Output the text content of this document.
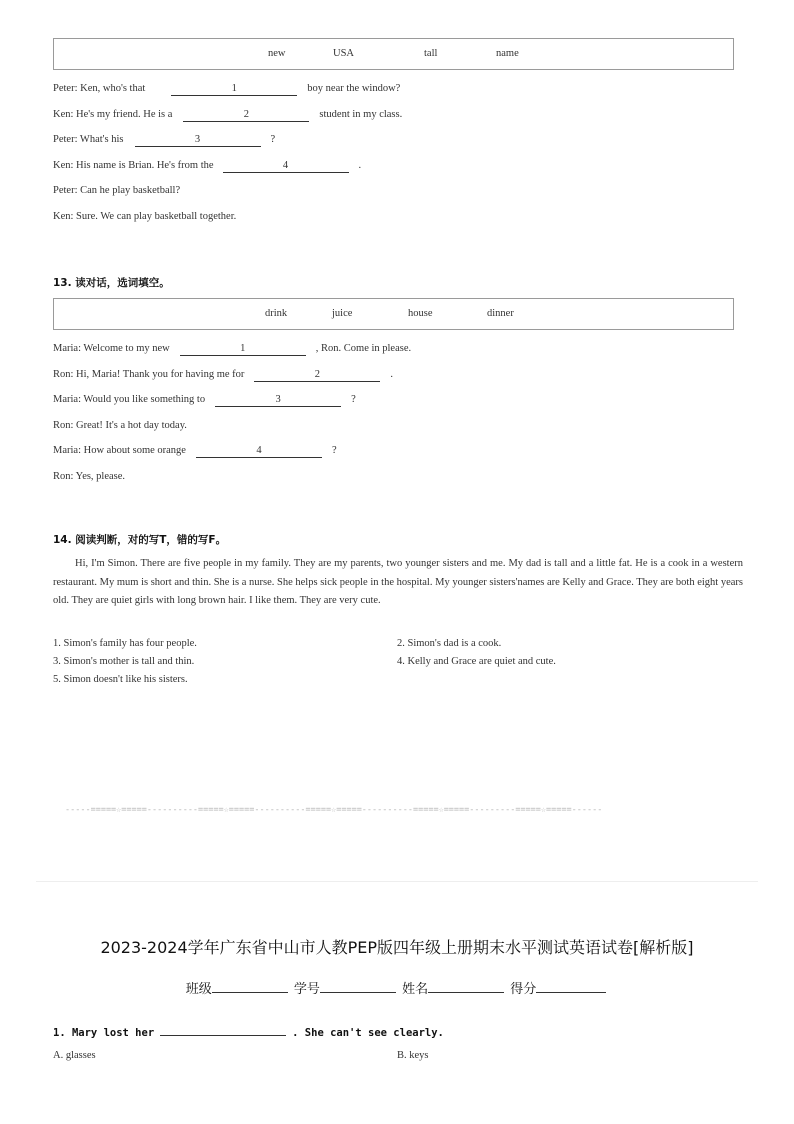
new	USA	tall	name
Peter: Ken, who's that	1	boy near the window?
Ken: He's my friend. He is a	2	student in my class.
Peter: What's his	3	?
Ken: His name is Brian. He's from the	4	.
Peter: Can he play basketball?
Ken: Sure. We can play basketball together.
13. 读对话，选词填空。
drink	juice	house	dinner
Maria: Welcome to my new	1	, Ron. Come in please.
Ron: Hi, Maria! Thank you for having me for	2	.
Maria: Would you like something to	3	?
Ron: Great! It's a hot day today.
Maria: How about some orange	4	?
Ron: Yes, please.
14. 阅读判断，对的写T，错的写F。
Hi, I'm Simon. There are five people in my family. They are my parents, two younger sisters and me. My dad is tall and a little fat. He is a cook in a western restaurant. My mum is short and thin. She is a nurse. She helps sick people in the hospital. My younger sisters'names are Kelly and Grace. They are both eight years old. They are quiet girls with long brown hair. I like them. They are very cute.
1. Simon's family has four people.	2. Simon's dad is a cook.
3. Simon's mother is tall and thin.	4. Kelly and Grace are quiet and cute.
5. Simon doesn't like his sisters.
-----=====☆=====----------=====☆=====----------=====☆=====----------=====☆=====---------=====☆=====------
2023-2024学年广东省中山市人教PEP版四年级上册期末水平测试英语试卷[解析版]
班级	学号	姓名	得分
1. Mary lost her	. She can't see clearly.
A. glasses	B. keys
